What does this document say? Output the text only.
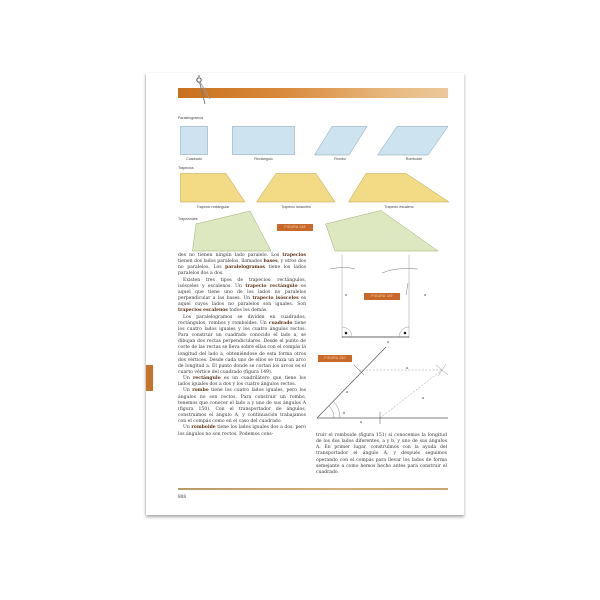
Paralelogramos
Cuadrado	Rectángulo	Rombo	Romboide
Trapecios
Trapecio rectangular	Trapecio isósceles	Trapecio escaleno
Trapezoides
FIGURA 148

des no tienen ningún lado paralelo. Los trapecios tienen dos lados paralelos, llamados bases, y otros dos no paralelos. Los paralelogramos tiene los lados paralelos dos a dos.

Existen tres tipos de trapecios: rectángulos, isósceles y escalenos. Un trapecio rectángulo es aquel que tiene uno de los lados no paralelos perpendicular a las bases. Un trapecio isósceles es aquel cuyos lados no paralelos son iguales. Son trapecios escalenos todos los demás.

Los paralelogramos se dividen en cuadrados, rectángulos, rombos y romboides. Un cuadrado tiene los cuatro lados iguales y los cuatro ángulos rectos. Para construir un cuadrado conocido el lado a, se dibujan dos rectas perpendiculares. Desde el punto de corte de las rectas se lleva sobre ellas con el compás la longitud del lado a, obteniéndose de esta forma otros dos vértices. Desde cada uno de ellos se traza un arco de longitud a. El punto donde se cortan los arcos es el cuarto vértice del cuadrado (figura 149).

Un rectángulo es un cuadrilátero que tiene los lados iguales dos a dos y los cuatro ángulos rectos.

Un rombo tiene los cuatro lados iguales, pero los ángulos no son rectos. Para construir un rombo, tenemos que conocer el lado a y uno de sus ángulos A (figura 150). Con el transportador de ángulos, construimos el ángulo A, y continuación trabajamos con el compás como en el caso del cuadrado.

Un romboide tiene los lados iguales dos a dos, pero los ángulos no son rectos. Podemos cons-

FIGURA 149
a	a
a
FIGURA 150
a
a
a
A
a

truir el romboide (figura 151) si conocemos la longitud de los dos lados diferentes, a y b, y uno de sus ángulos A. En primer lugar, construimos con la ayuda del transportador el ángulo A, y después seguimos operando con el compás para llevar los lados de forma semejante a como hemos hecho antes para construir el cuadrado.

808
